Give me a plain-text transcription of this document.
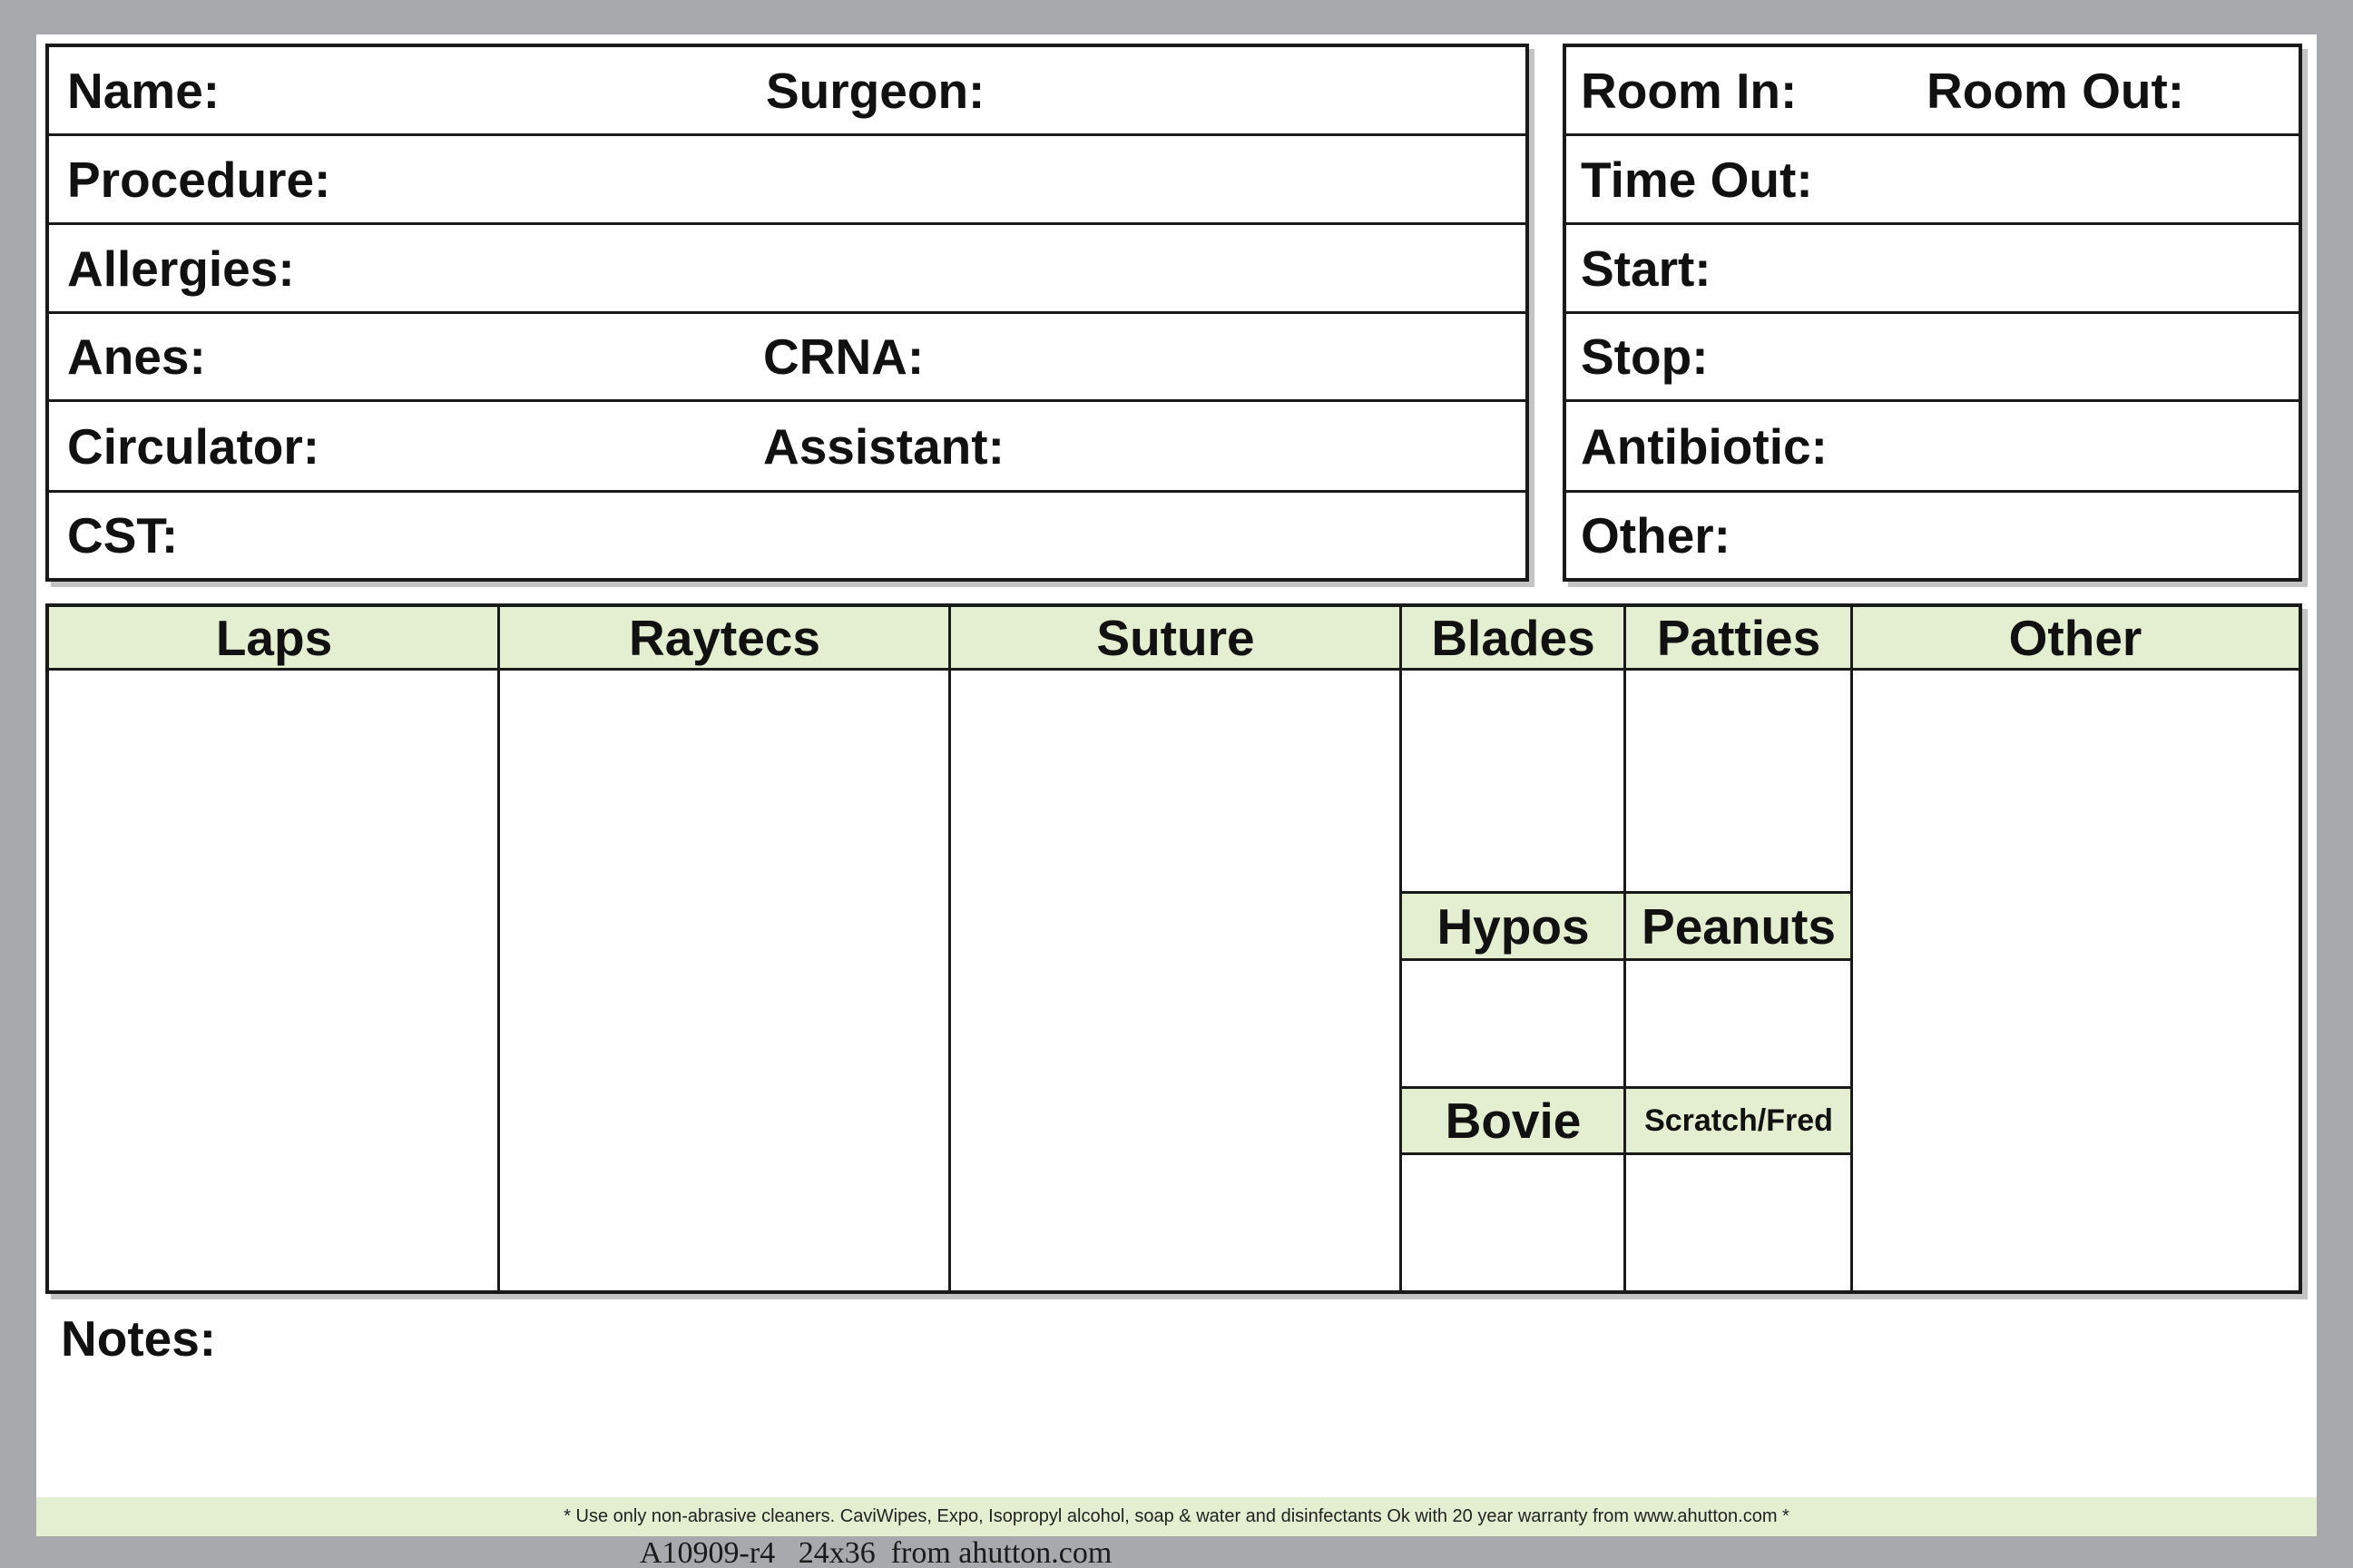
Name:	Surgeon:
Procedure:
Allergies:
Anes:	CRNA:
Circulator:	Assistant:
CST:
Room In:	Room Out:
Time Out:
Start:
Stop:
Antibiotic:
Other:
Laps	Raytecs	Suture	Blades	Patties	Other
Hypos	Peanuts
Bovie	Scratch/Fred
Notes:
* Use only non-abrasive cleaners. CaviWipes, Expo, Isopropyl alcohol, soap & water and disinfectants Ok with 20 year warranty from www.ahutton.com *
A10909-r4   24x36  from ahutton.com
